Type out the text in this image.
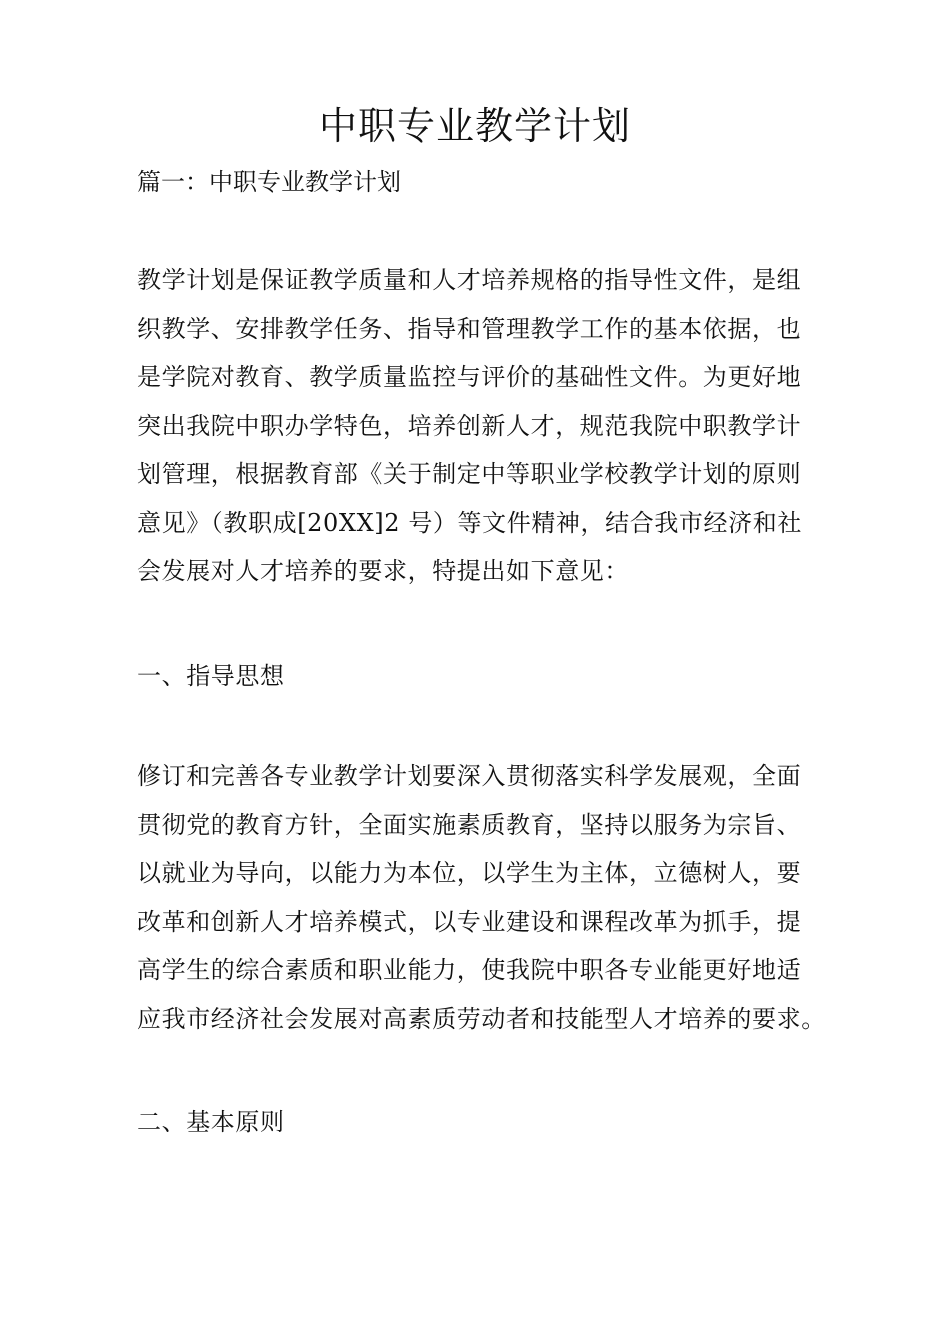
中职专业教学计划

篇一：中职专业教学计划

教学计划是保证教学质量和人才培养规格的指导性文件，是组
织教学、安排教学任务、指导和管理教学工作的基本依据，也
是学院对教育、教学质量监控与评价的基础性文件。为更好地
突出我院中职办学特色，培养创新人才，规范我院中职教学计
划管理，根据教育部《关于制定中等职业学校教学计划的原则
意见》（教职成[20XX]2 号）等文件精神，结合我市经济和社
会发展对人才培养的要求，特提出如下意见：

一、指导思想

修订和完善各专业教学计划要深入贯彻落实科学发展观，全面
贯彻党的教育方针，全面实施素质教育，坚持以服务为宗旨、
以就业为导向，以能力为本位，以学生为主体，立德树人，要
改革和创新人才培养模式，以专业建设和课程改革为抓手，提
高学生的综合素质和职业能力，使我院中职各专业能更好地适
应我市经济社会发展对高素质劳动者和技能型人才培养的要求。

二、基本原则
